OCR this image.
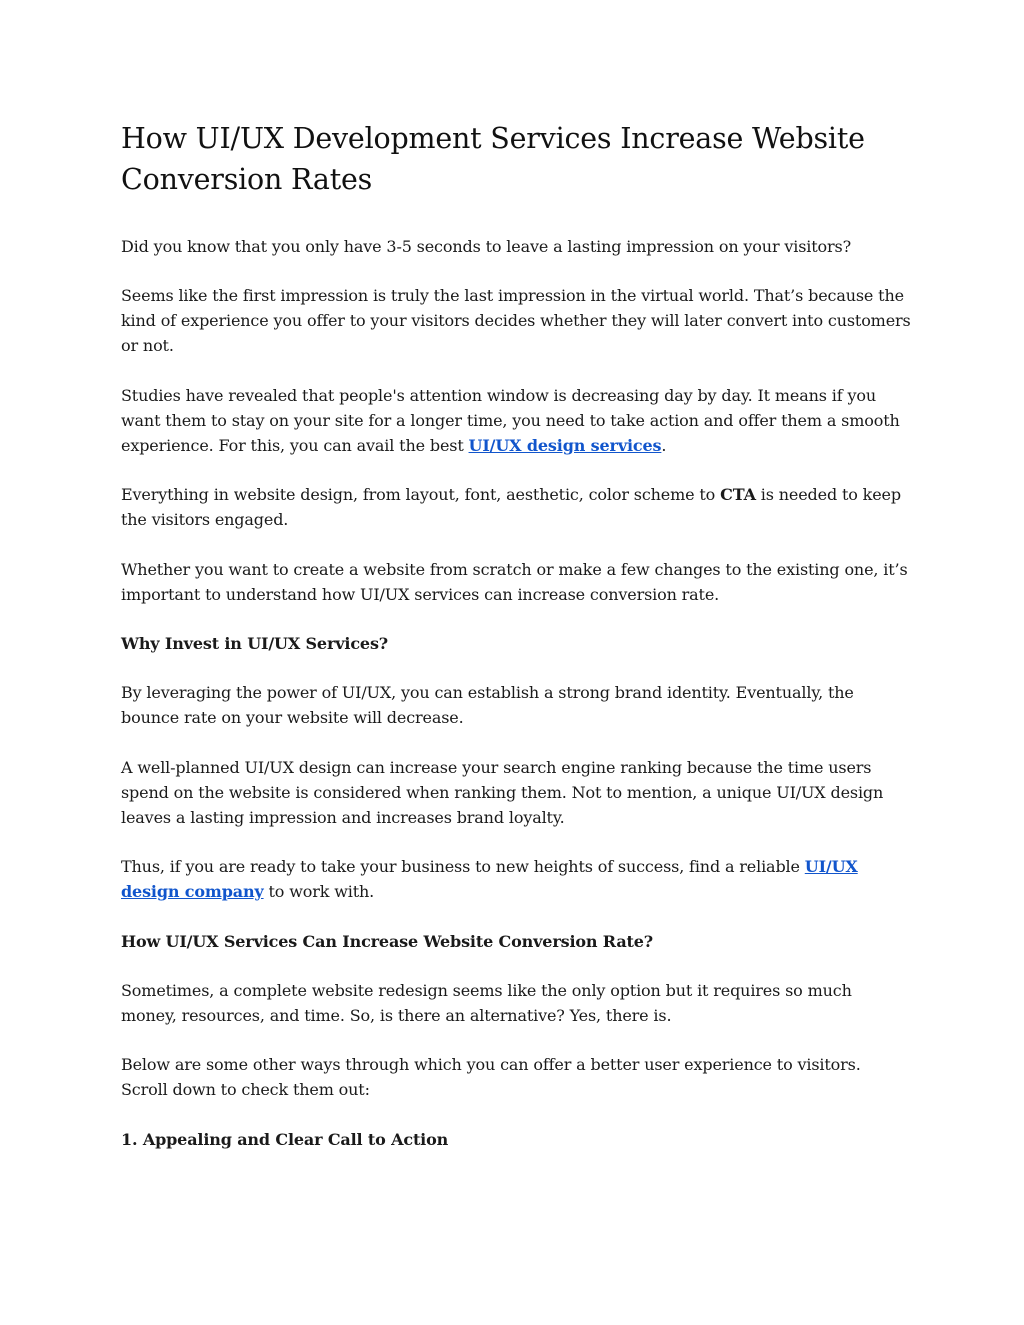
How UI/UX Development Services Increase Website Conversion Rates

Did you know that you only have 3-5 seconds to leave a lasting impression on your visitors?

Seems like the first impression is truly the last impression in the virtual world. That’s because the kind of experience you offer to your visitors decides whether they will later convert into customers or not.

Studies have revealed that people's attention window is decreasing day by day. It means if you want them to stay on your site for a longer time, you need to take action and offer them a smooth experience. For this, you can avail the best UI/UX design services.

Everything in website design, from layout, font, aesthetic, color scheme to CTA is needed to keep the visitors engaged.

Whether you want to create a website from scratch or make a few changes to the existing one, it’s important to understand how UI/UX services can increase conversion rate.

Why Invest in UI/UX Services?

By leveraging the power of UI/UX, you can establish a strong brand identity. Eventually, the bounce rate on your website will decrease.

A well-planned UI/UX design can increase your search engine ranking because the time users spend on the website is considered when ranking them. Not to mention, a unique UI/UX design leaves a lasting impression and increases brand loyalty.

Thus, if you are ready to take your business to new heights of success, find a reliable UI/UX design company to work with.

How UI/UX Services Can Increase Website Conversion Rate?

Sometimes, a complete website redesign seems like the only option but it requires so much money, resources, and time. So, is there an alternative? Yes, there is.

Below are some other ways through which you can offer a better user experience to visitors. Scroll down to check them out:

1. Appealing and Clear Call to Action
